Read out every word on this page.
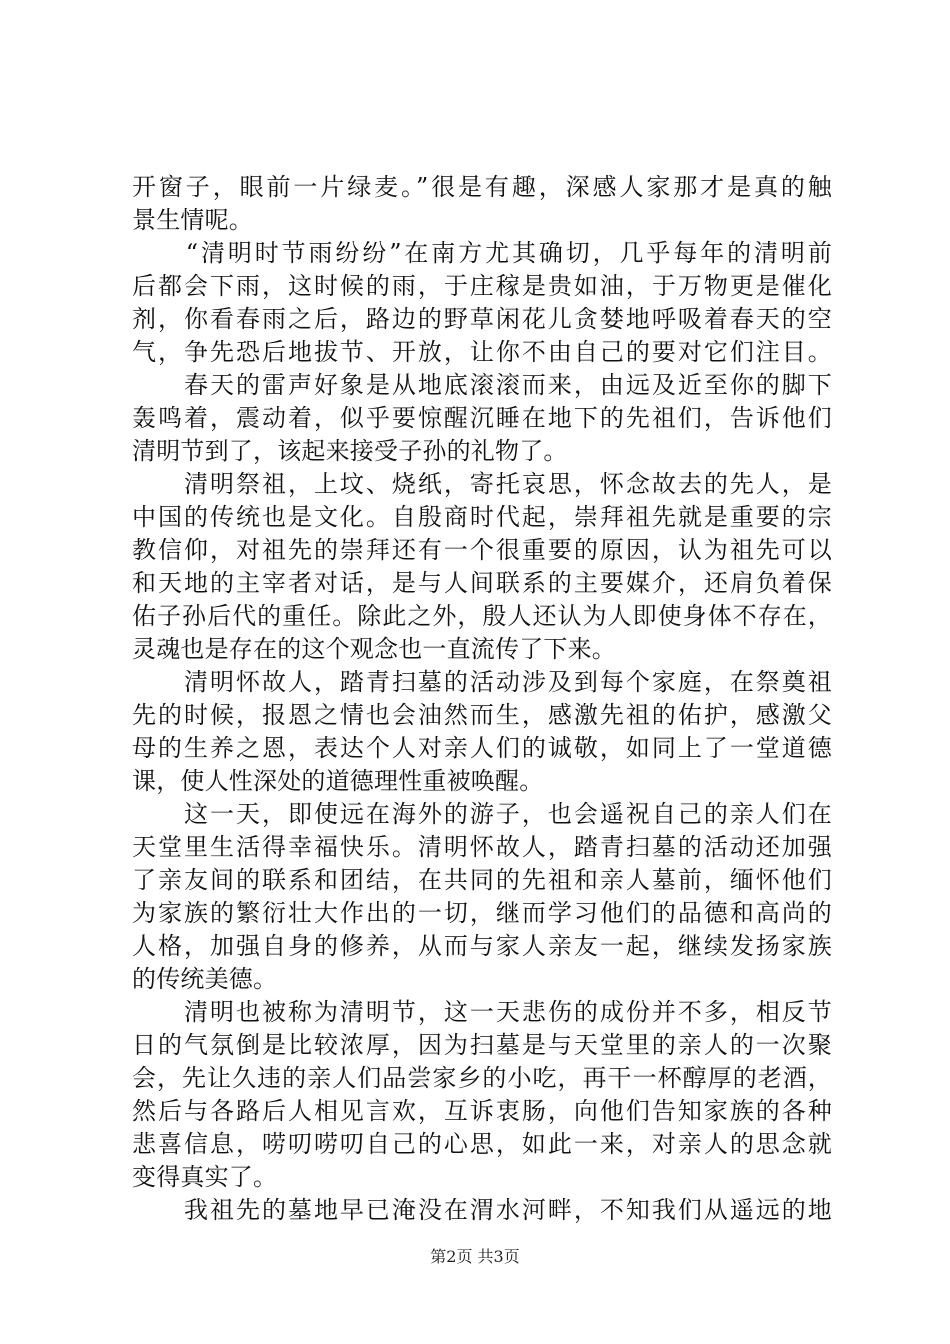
开窗子，眼前一片绿麦。”很是有趣，深感人家那才是真的触
景生情呢。
　　“清明时节雨纷纷”在南方尤其确切，几乎每年的清明前
后都会下雨，这时候的雨，于庄稼是贵如油，于万物更是催化
剂，你看春雨之后，路边的野草闲花儿贪婪地呼吸着春天的空
气，争先恐后地拔节、开放，让你不由自己的要对它们注目。
　　春天的雷声好象是从地底滚滚而来，由远及近至你的脚下
轰鸣着，震动着，似乎要惊醒沉睡在地下的先祖们，告诉他们
清明节到了，该起来接受子孙的礼物了。
　　清明祭祖，上坟、烧纸，寄托哀思，怀念故去的先人，是
中国的传统也是文化。自殷商时代起，崇拜祖先就是重要的宗
教信仰，对祖先的崇拜还有一个很重要的原因，认为祖先可以
和天地的主宰者对话，是与人间联系的主要媒介，还肩负着保
佑子孙后代的重任。除此之外，殷人还认为人即使身体不存在，
灵魂也是存在的这个观念也一直流传了下来。
　　清明怀故人，踏青扫墓的活动涉及到每个家庭，在祭奠祖
先的时候，报恩之情也会油然而生，感激先祖的佑护，感激父
母的生养之恩，表达个人对亲人们的诚敬，如同上了一堂道德
课，使人性深处的道德理性重被唤醒。
　　这一天，即使远在海外的游子，也会遥祝自己的亲人们在
天堂里生活得幸福快乐。清明怀故人，踏青扫墓的活动还加强
了亲友间的联系和团结，在共同的先祖和亲人墓前，缅怀他们
为家族的繁衍壮大作出的一切，继而学习他们的品德和高尚的
人格，加强自身的修养，从而与家人亲友一起，继续发扬家族
的传统美德。
　　清明也被称为清明节，这一天悲伤的成份并不多，相反节
日的气氛倒是比较浓厚，因为扫墓是与天堂里的亲人的一次聚
会，先让久违的亲人们品尝家乡的小吃，再干一杯醇厚的老酒，
然后与各路后人相见言欢，互诉衷肠，向他们告知家族的各种
悲喜信息，唠叨唠叨自己的心思，如此一来，对亲人的思念就
变得真实了。
　　我祖先的墓地早已淹没在渭水河畔，不知我们从遥远的地
第2页 共3页
